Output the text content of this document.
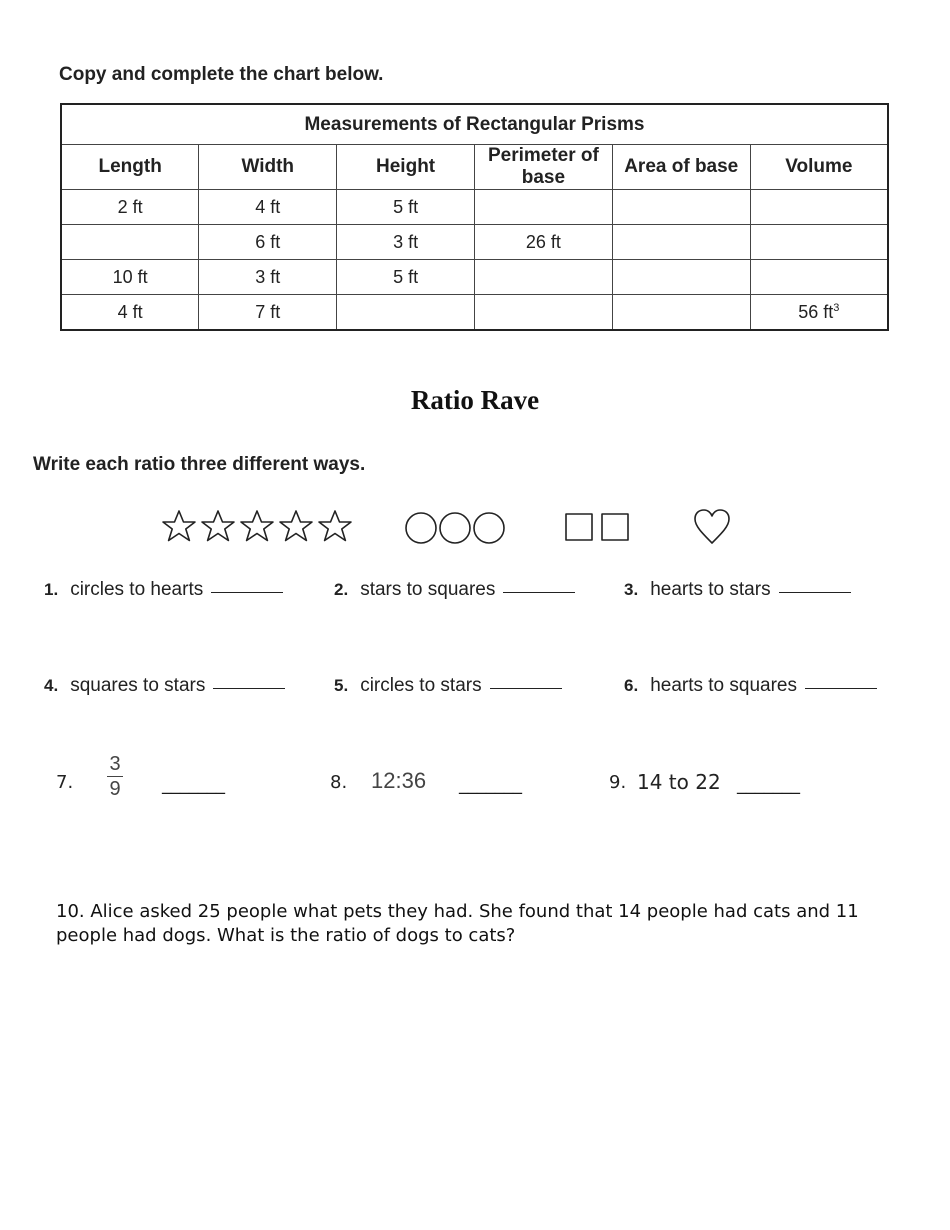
Copy and complete the chart below.
Measurements of Rectangular Prisms					
Length	Width	Height	Perimeter of base	Area of base	Volume
2 ft	4 ft	5 ft			
	6 ft	3 ft	26 ft		
10 ft	3 ft	5 ft			
4 ft	7 ft				56 $ft^3$
Ratio Rave
Write each ratio three different ways.
1. circles to hearts	2. stars to squares	3. hearts to stars
4. squares to stars	5. circles to stars	6. hearts to squares
7.
3
9 _______	8. 12:36 _______	9. 14 to 22 _______
10. Alice asked 25 people what pets they had. She found that 14 people had cats and 11 people had dogs. What is the ratio of dogs to cats?
